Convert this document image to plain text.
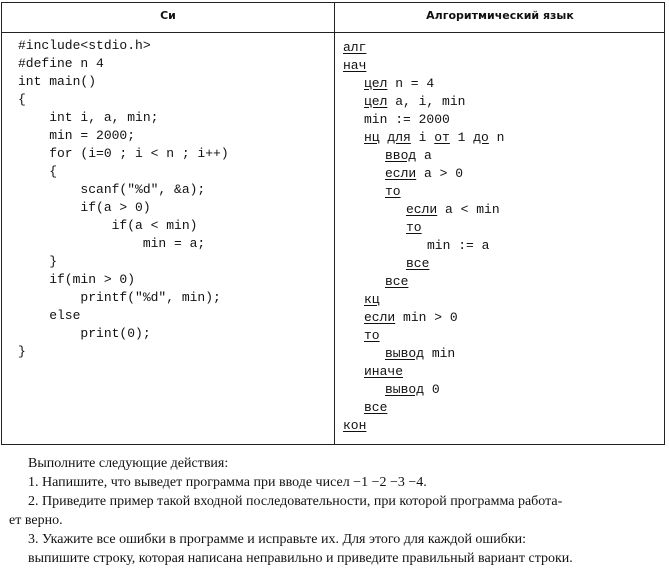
Си	Алгоритмический язык
#include<stdio.h>
#define n 4
int main()
{
int i, a, min;
min = 2000;
for (i=0 ; i < n ; i++)
{
scanf("%d", &a);
if(a > 0)
if(a < min)
min = a;
}
if(min > 0)
printf("%d", min);
else
print(0);
}
алг
нач
цел n = 4
цел a, i, min
min := 2000
нц для i от 1 до n
ввод a
если a > 0
то
если a < min
то
min := a
все
все
кц
если min > 0
то
вывод min
иначе
вывод 0
все
кон
Выполните следующие действия:
1. Напишите, что выведет программа при вводе чисел −1 −2 −3 −4.
2. Приведите пример такой входной последовательности, при которой программа работа-
ет верно.
3. Укажите все ошибки в программе и исправьте их. Для этого для каждой ошибки:
выпишите строку, которая написана неправильно и приведите правильный вариант строки.
